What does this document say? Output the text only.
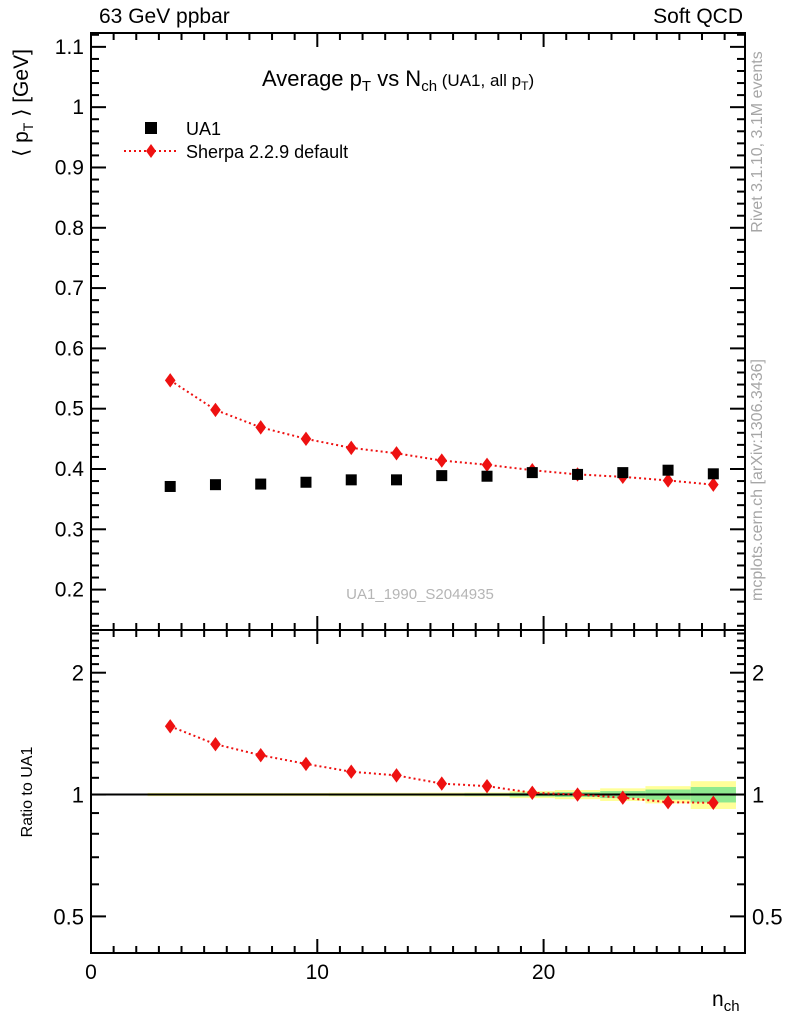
0	10	20
0.2
0.3
0.4
0.5
0.6
0.7
0.8
0.9
1
1.1
2	2
1	1
0.5	0.5
Average $p_T$ vs $N_{ch}$ $^{(UA1, all p}$T)
⟨ $p_T$ ⟩ [GeV]
$n_{ch}$
63 GeV ppbar	Soft QCD
UA1
Sherpa 2.2.9 default
UA1_1990_S2044935
Rivet 3.1.10, 3.1M events
mcplots.cern.ch [arXiv:1306.3436]
Ratio to UA1
